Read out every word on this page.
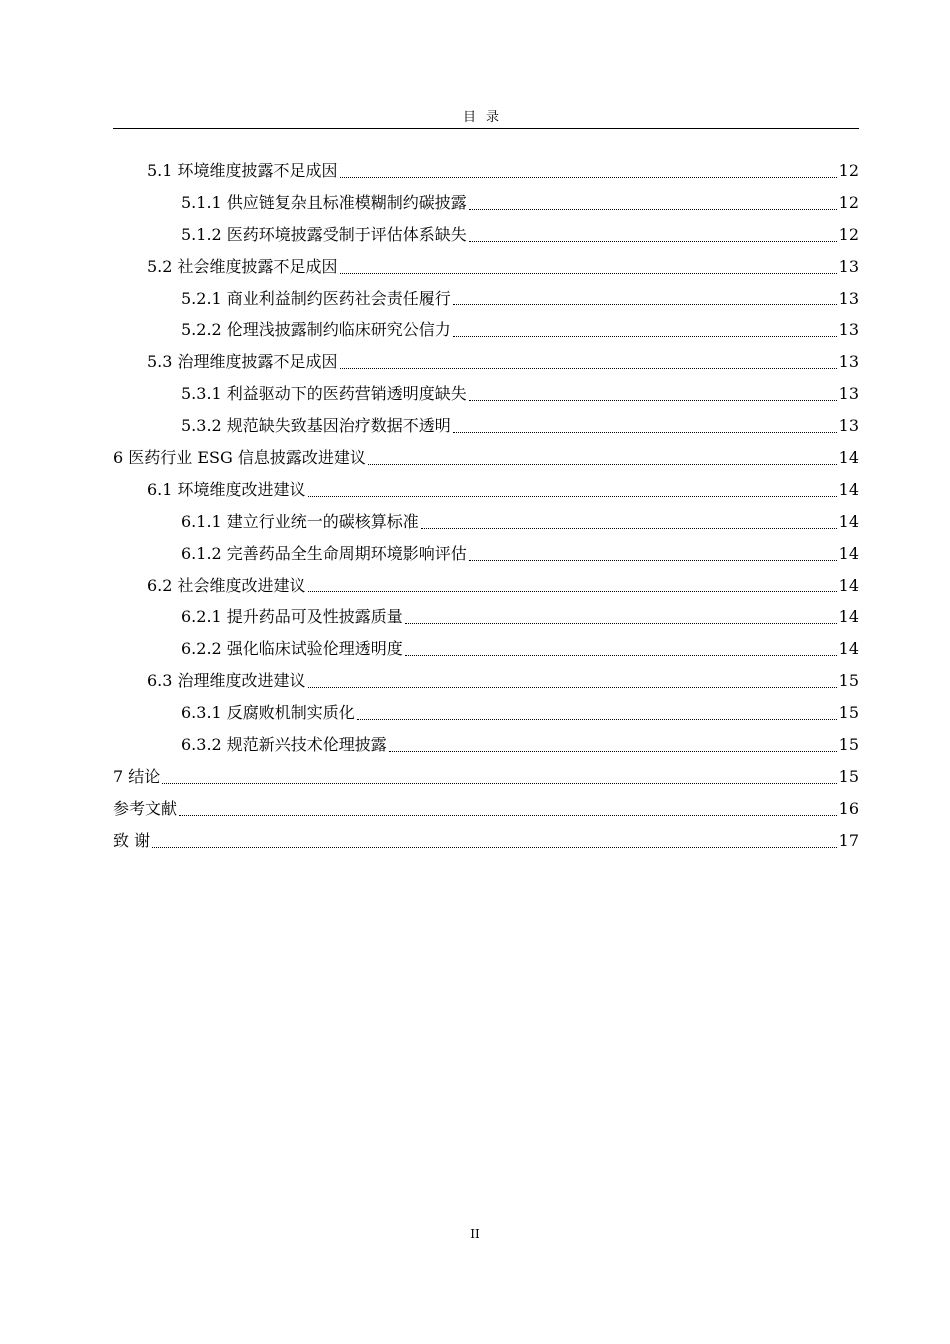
目录
5.1 环境维度披露不足成因	12
5.1.1 供应链复杂且标准模糊制约碳披露	12
5.1.2 医药环境披露受制于评估体系缺失	12
5.2 社会维度披露不足成因	13
5.2.1 商业利益制约医药社会责任履行	13
5.2.2 伦理浅披露制约临床研究公信力	13
5.3 治理维度披露不足成因	13
5.3.1 利益驱动下的医药营销透明度缺失	13
5.3.2 规范缺失致基因治疗数据不透明	13
6 医药行业 ESG 信息披露改进建议	14
6.1 环境维度改进建议	14
6.1.1 建立行业统一的碳核算标准	14
6.1.2 完善药品全生命周期环境影响评估	14
6.2 社会维度改进建议	14
6.2.1 提升药品可及性披露质量	14
6.2.2 强化临床试验伦理透明度	14
6.3 治理维度改进建议	15
6.3.1 反腐败机制实质化	15
6.3.2 规范新兴技术伦理披露	15
7 结论	15
参考文献	16
致 谢	17
II
